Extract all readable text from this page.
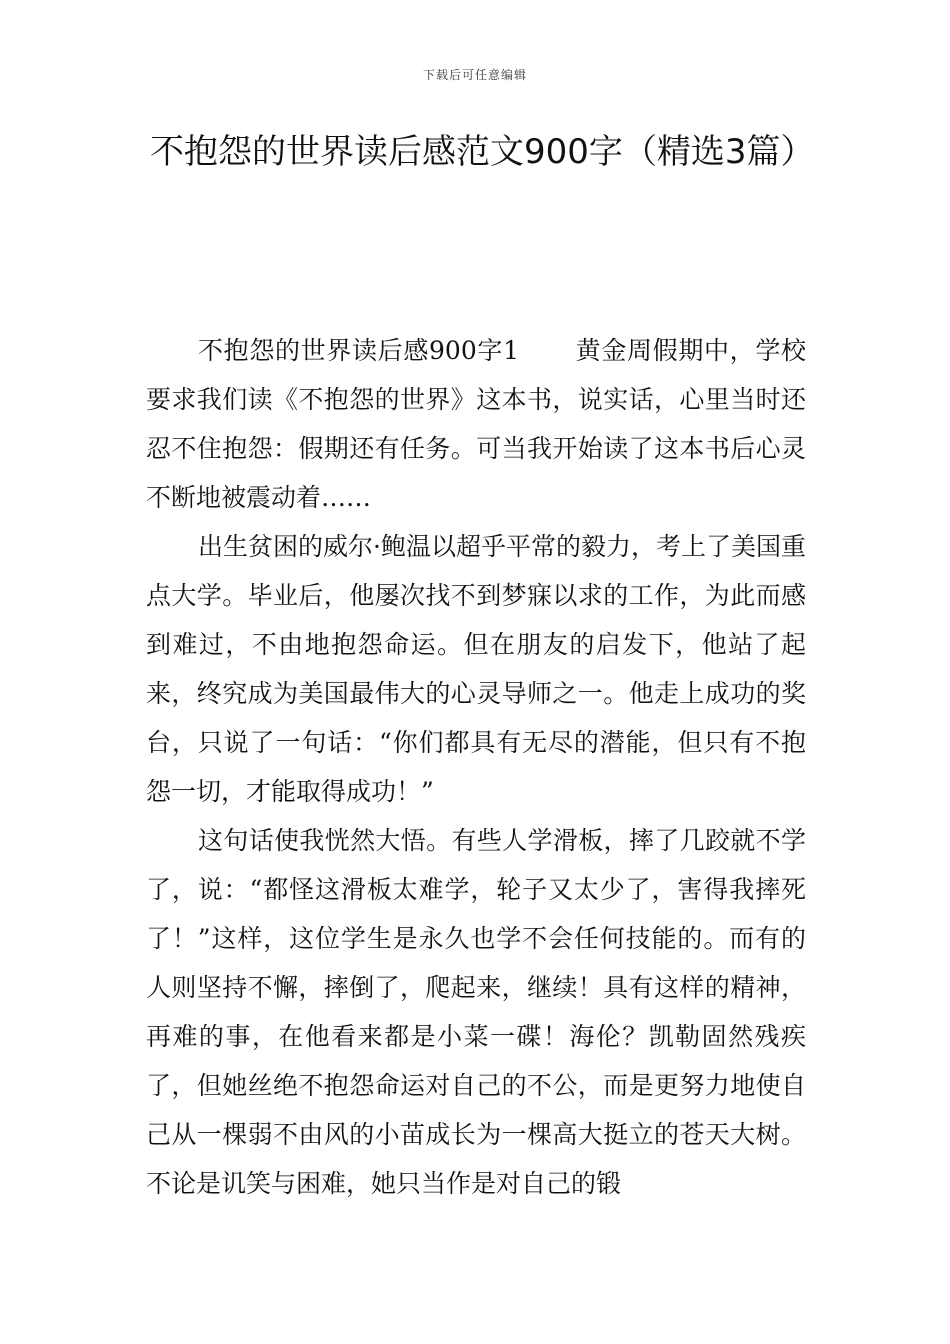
下载后可任意编辑
不抱怨的世界读后感范文900字（精选3篇）

不抱怨的世界读后感900字1 黄金周假期中，学校要求我们读《不抱怨的世界》这本书，说实话，心里当时还忍不住抱怨：假期还有任务。可当我开始读了这本书后心灵不断地被震动着……

出生贫困的威尔·鲍温以超乎平常的毅力，考上了美国重点大学。毕业后，他屡次找不到梦寐以求的工作，为此而感到难过，不由地抱怨命运。但在朋友的启发下，他站了起来，终究成为美国最伟大的心灵导师之一。他走上成功的奖台，只说了一句话：“你们都具有无尽的潜能，但只有不抱怨一切，才能取得成功！”

这句话使我恍然大悟。有些人学滑板，摔了几跤就不学了，说：“都怪这滑板太难学，轮子又太少了，害得我摔死了！”这样，这位学生是永久也学不会任何技能的。而有的人则坚持不懈，摔倒了，爬起来，继续！具有这样的精神，再难的事，在他看来都是小菜一碟！海伦？凯勒固然残疾了，但她丝绝不抱怨命运对自己的不公，而是更努力地使自己从一棵弱不由风的小苗成长为一棵高大挺立的苍天大树。不论是讥笑与困难，她只当作是对自己的锻
